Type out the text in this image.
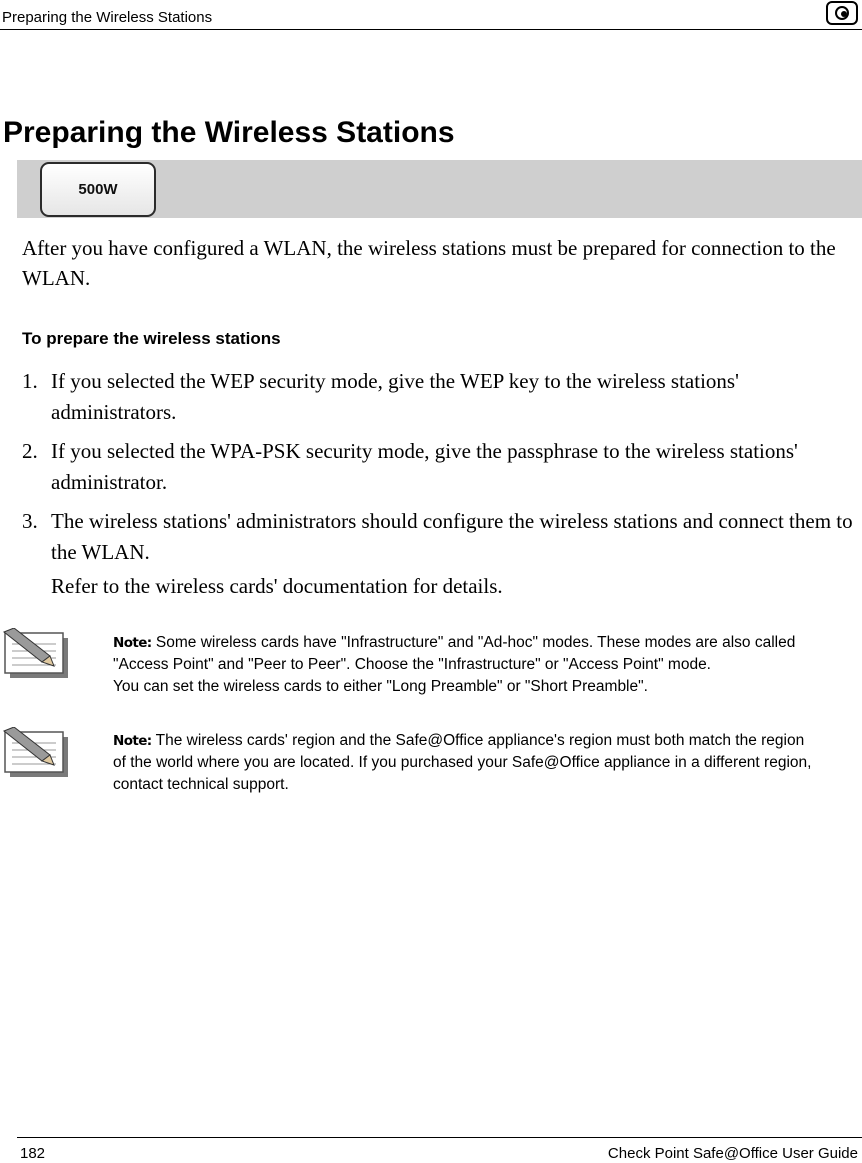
Preparing the Wireless Stations
Preparing the Wireless Stations
500W

After you have configured a WLAN, the wireless stations must be prepared for connection to the WLAN.

To prepare the wireless stations
1. If you selected the WEP security mode, give the WEP key to the wireless stations' administrators.
2. If you selected the WPA-PSK security mode, give the passphrase to the wireless stations' administrator.
3. The wireless stations' administrators should configure the wireless stations and connect them to the WLAN.
Refer to the wireless cards' documentation for details.
Note: Some wireless cards have "Infrastructure" and "Ad-hoc" modes. These modes are also called "Access Point" and "Peer to Peer". Choose the "Infrastructure" or "Access Point" mode.
You can set the wireless cards to either "Long Preamble" or "Short Preamble".
Note: The wireless cards' region and the Safe@Office appliance's region must both match the region of the world where you are located. If you purchased your Safe@Office appliance in a different region, contact technical support.
182	Check Point Safe@Office User Guide
